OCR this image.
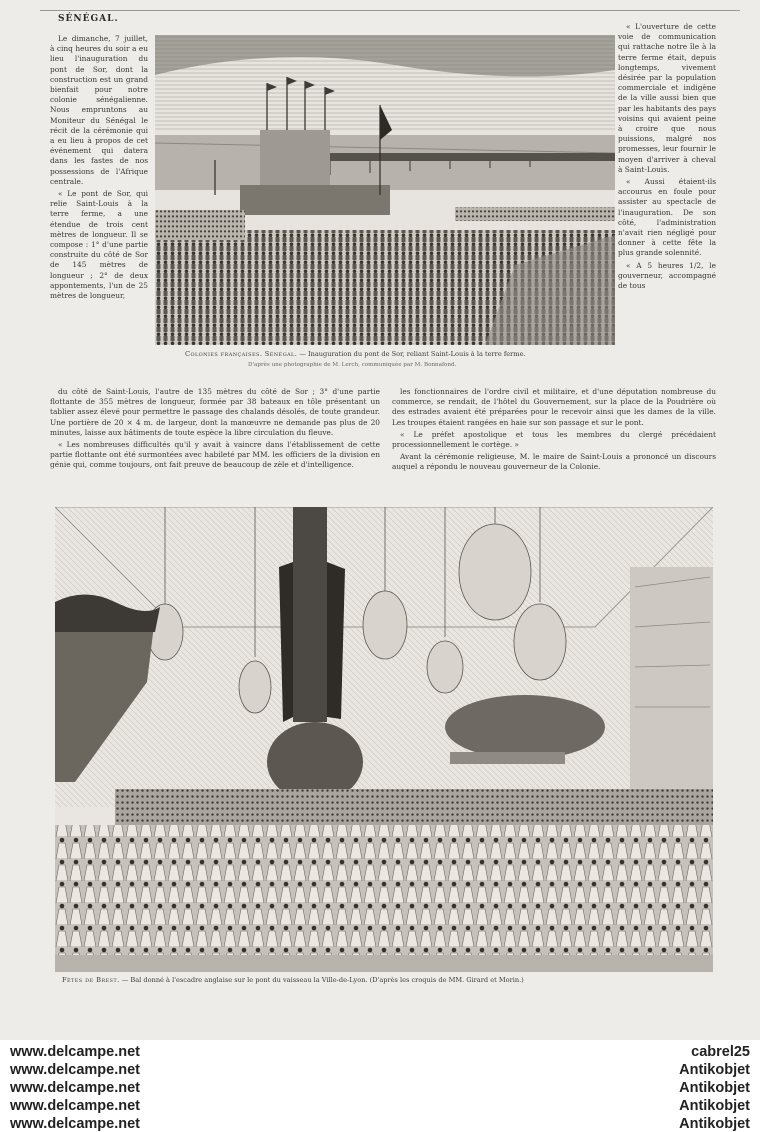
SÉNÉGAL.

Le dimanche, 7 juillet, à cinq heures du soir a eu lieu l'inauguration du pont de Sor, dont la construction est un grand bienfait pour notre colonie sénégalienne. Nous empruntons au Moniteur du Sénégal le récit de la cérémonie qui a eu lieu à propos de cet événement qui datera dans les fastes de nos possessions de l'Afrique centrale.

« Le pont de Sor, qui relie Saint-Louis à la terre ferme, a une étendue de trois cent mètres de longueur. Il se compose : 1° d'une partie construite du côté de Sor de 145 mètres de longueur ; 2° de deux appontements, l'un de 25 mètres de longueur,

« L'ouverture de cette voie de communication qui rattache notre île à la terre ferme était, depuis longtemps, vivement désirée par la population commerciale et indigène de la ville aussi bien que par les habitants des pays voisins qui avaient peine à croire que nous puissions, malgré nos promesses, leur fournir le moyen d'arriver à cheval à Saint-Louis.

« Aussi étaient-ils accourus en foule pour assister au spectacle de l'inauguration. De son côté, l'administration n'avait rien négligé pour donner à cette fête la plus grande solennité.

« A 5 heures 1/2, le gouverneur, accompagné de tous

Colonies françaises. Sénégal. — Inauguration du pont de Sor, reliant Saint-Louis à la terre ferme.
D'après une photographie de M. Lerch, communiquée par M. Bonnafond.

du côté de Saint-Louis, l'autre de 135 mètres du côté de Sor ; 3° d'une partie flottante de 355 mètres de longueur, formée par 38 bateaux en tôle présentant un tablier assez élevé pour permettre le passage des chalands désolés, de toute grandeur. Une portière de 20 × 4 m. de largeur, dont la manœuvre ne demande pas plus de 20 minutes, laisse aux bâtiments de toute espèce la libre circulation du fleuve.

« Les nombreuses difficultés qu'il y avait à vaincre dans l'établissement de cette partie flottante ont été surmontées avec habileté par MM. les officiers de la division en génie qui, comme toujours, ont fait preuve de beaucoup de zèle et d'intelligence.

les fonctionnaires de l'ordre civil et militaire, et d'une députation nombreuse du commerce, se rendait, de l'hôtel du Gouvernement, sur la place de la Poudrière où des estrades avaient été préparées pour le recevoir ainsi que les dames de la ville. Les troupes étaient rangées en haie sur son passage et sur le pont.

« Le préfet apostolique et tous les membres du clergé précédaient processionnellement le cortège. »

Avant la cérémonie religieuse, M. le maire de Saint-Louis a prononcé un discours auquel a répondu le nouveau gouverneur de la Colonie.

Fêtes de Brest. — Bal donné à l'escadre anglaise sur le pont du vaisseau la Ville-de-Lyon. (D'après les croquis de MM. Girard et Morin.)
www.delcampe.net
www.delcampe.net
www.delcampe.net
www.delcampe.net
www.delcampe.net
cabrel25
Antikobjet
Antikobjet
Antikobjet
Antikobjet
